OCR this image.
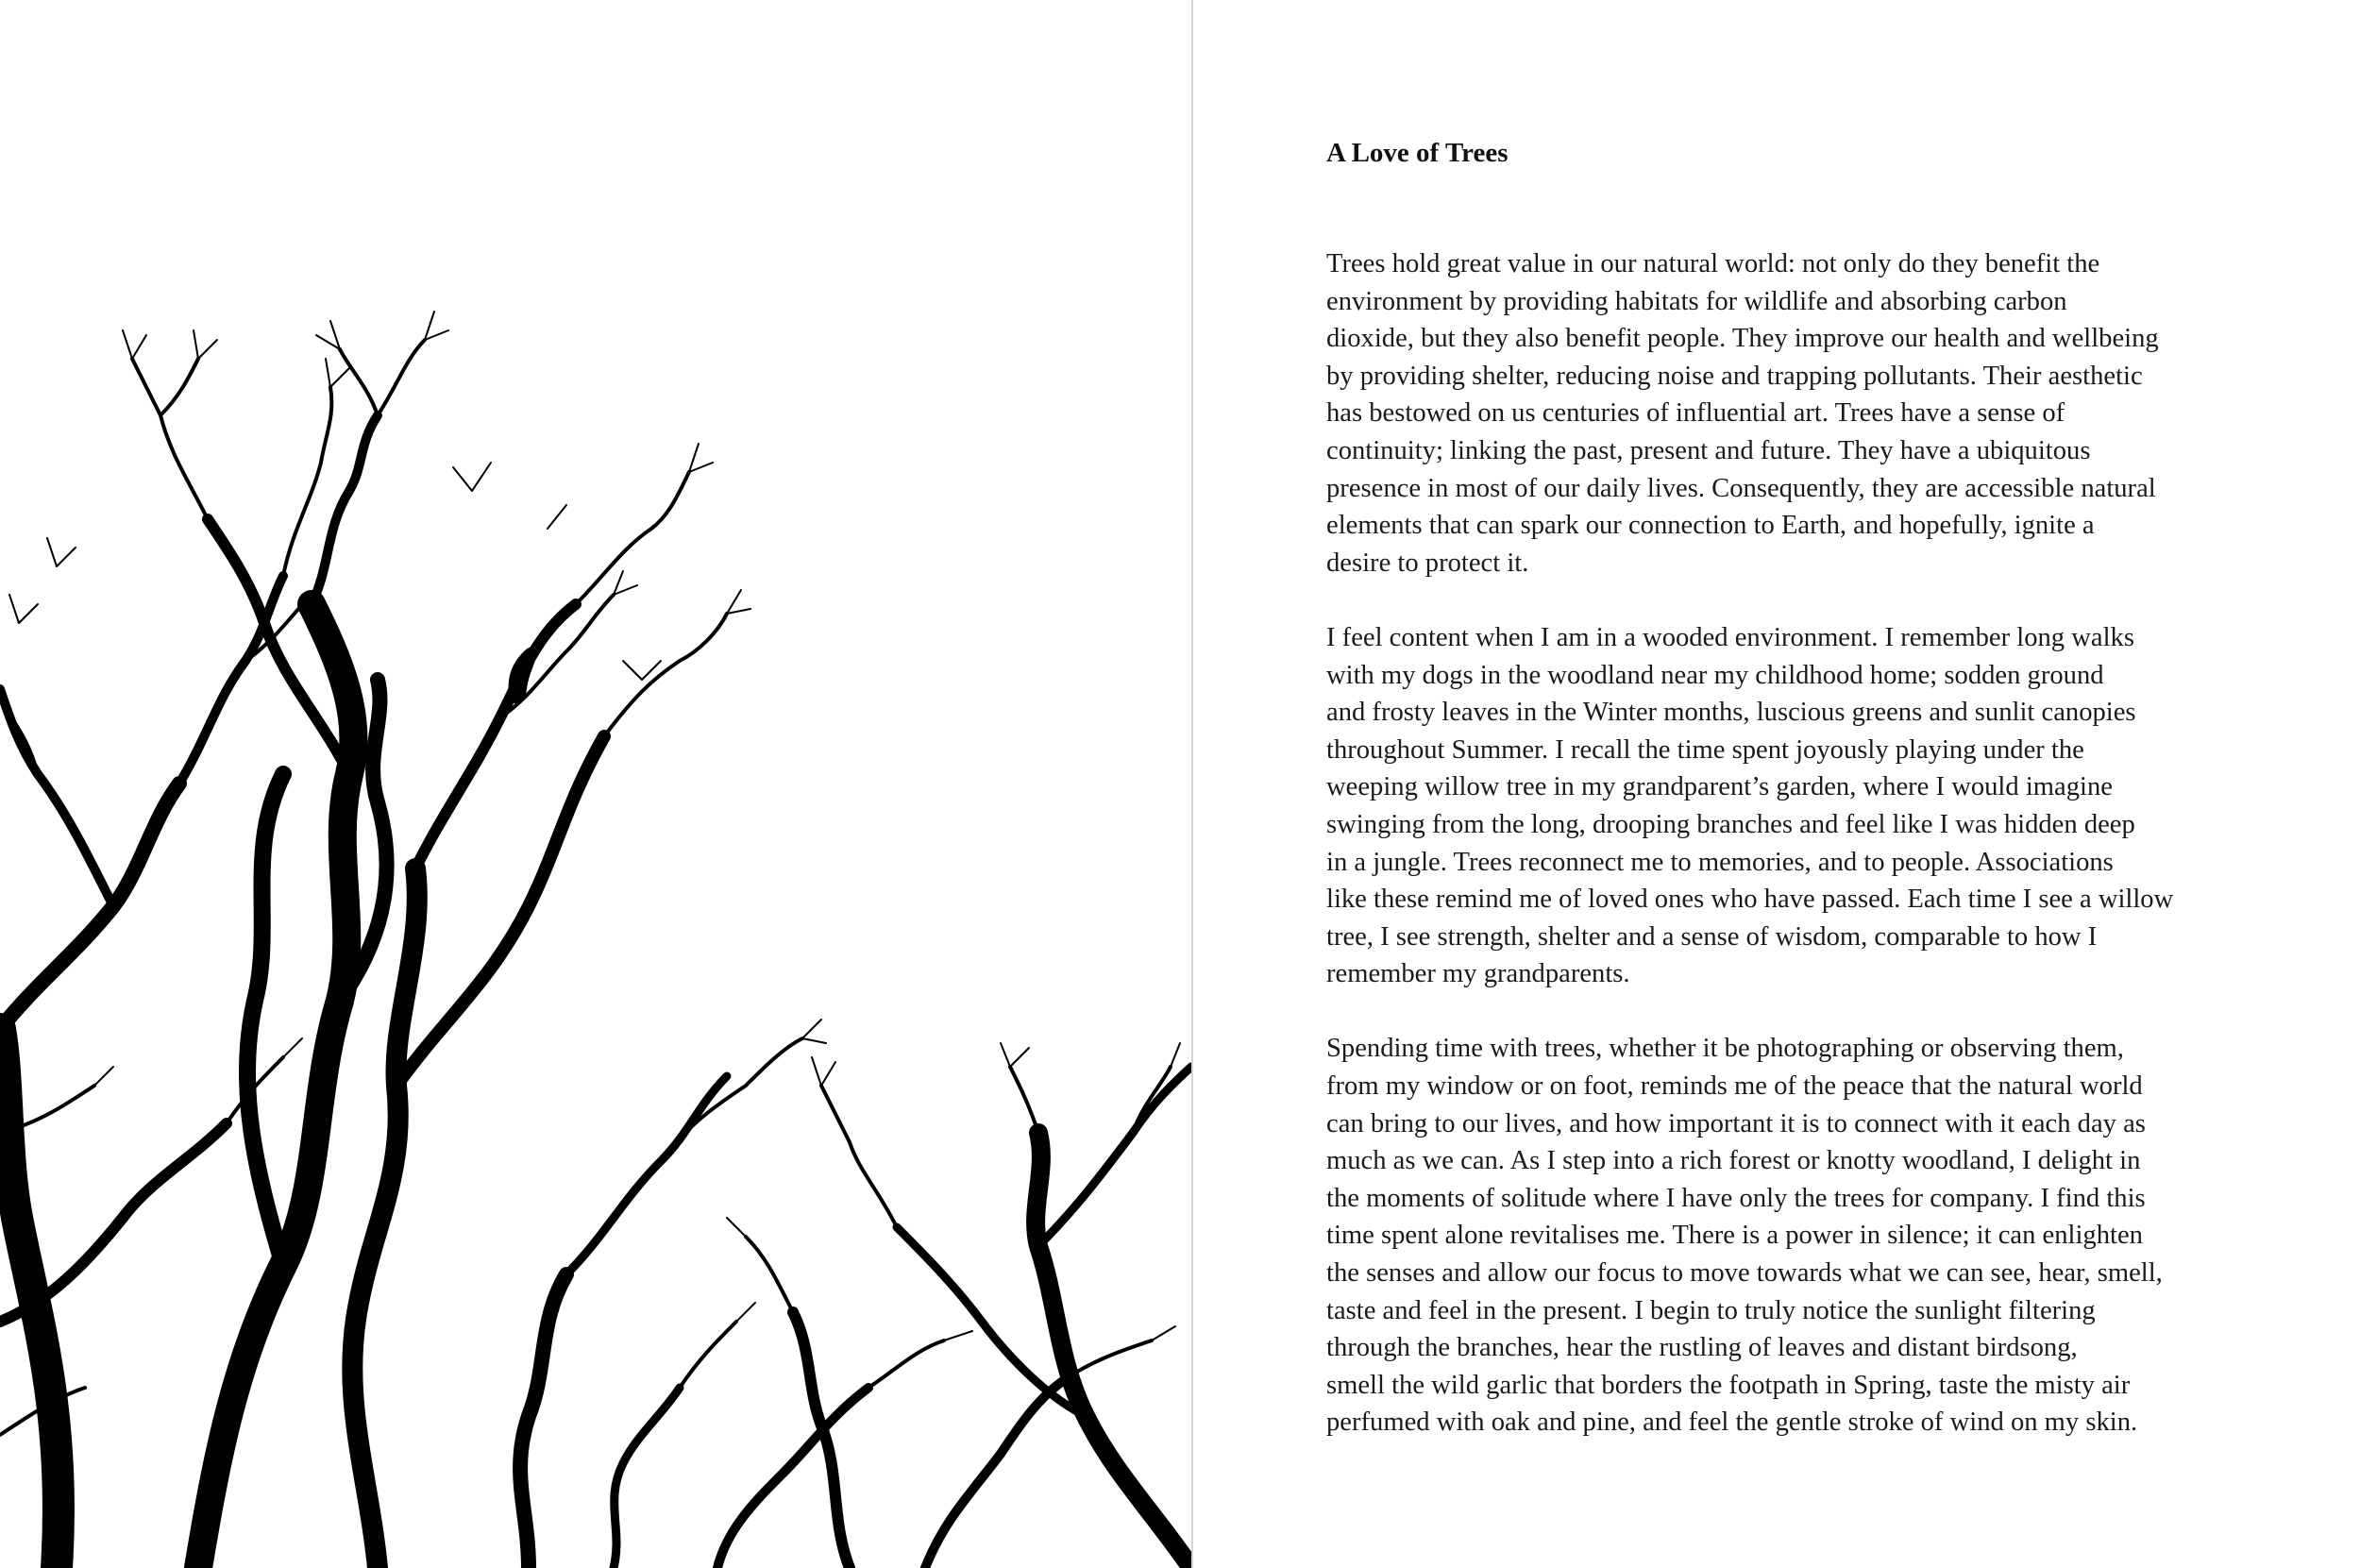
A Love of Trees

Trees hold great value in our natural world: not only do they benefit the
environment by providing habitats for wildlife and absorbing carbon
dioxide, but they also benefit people. They improve our health and wellbeing
by providing shelter, reducing noise and trapping pollutants. Their aesthetic
has bestowed on us centuries of influential art. Trees have a sense of
continuity; linking the past, present and future. They have a ubiquitous
presence in most of our daily lives. Consequently, they are accessible natural
elements that can spark our connection to Earth, and hopefully, ignite a
desire to protect it.

I feel content when I am in a wooded environment. I remember long walks
with my dogs in the woodland near my childhood home; sodden ground
and frosty leaves in the Winter months, luscious greens and sunlit canopies
throughout Summer. I recall the time spent joyously playing under the
weeping willow tree in my grandparent’s garden, where I would imagine
swinging from the long, drooping branches and feel like I was hidden deep
in a jungle. Trees reconnect me to memories, and to people. Associations
like these remind me of loved ones who have passed. Each time I see a willow
tree, I see strength, shelter and a sense of wisdom, comparable to how I
remember my grandparents.

Spending time with trees, whether it be photographing or observing them,
from my window or on foot, reminds me of the peace that the natural world
can bring to our lives, and how important it is to connect with it each day as
much as we can. As I step into a rich forest or knotty woodland, I delight in
the moments of solitude where I have only the trees for company. I find this
time spent alone revitalises me. There is a power in silence; it can enlighten
the senses and allow our focus to move towards what we can see, hear, smell,
taste and feel in the present. I begin to truly notice the sunlight filtering
through the branches, hear the rustling of leaves and distant birdsong,
smell the wild garlic that borders the footpath in Spring, taste the misty air
perfumed with oak and pine, and feel the gentle stroke of wind on my skin.
